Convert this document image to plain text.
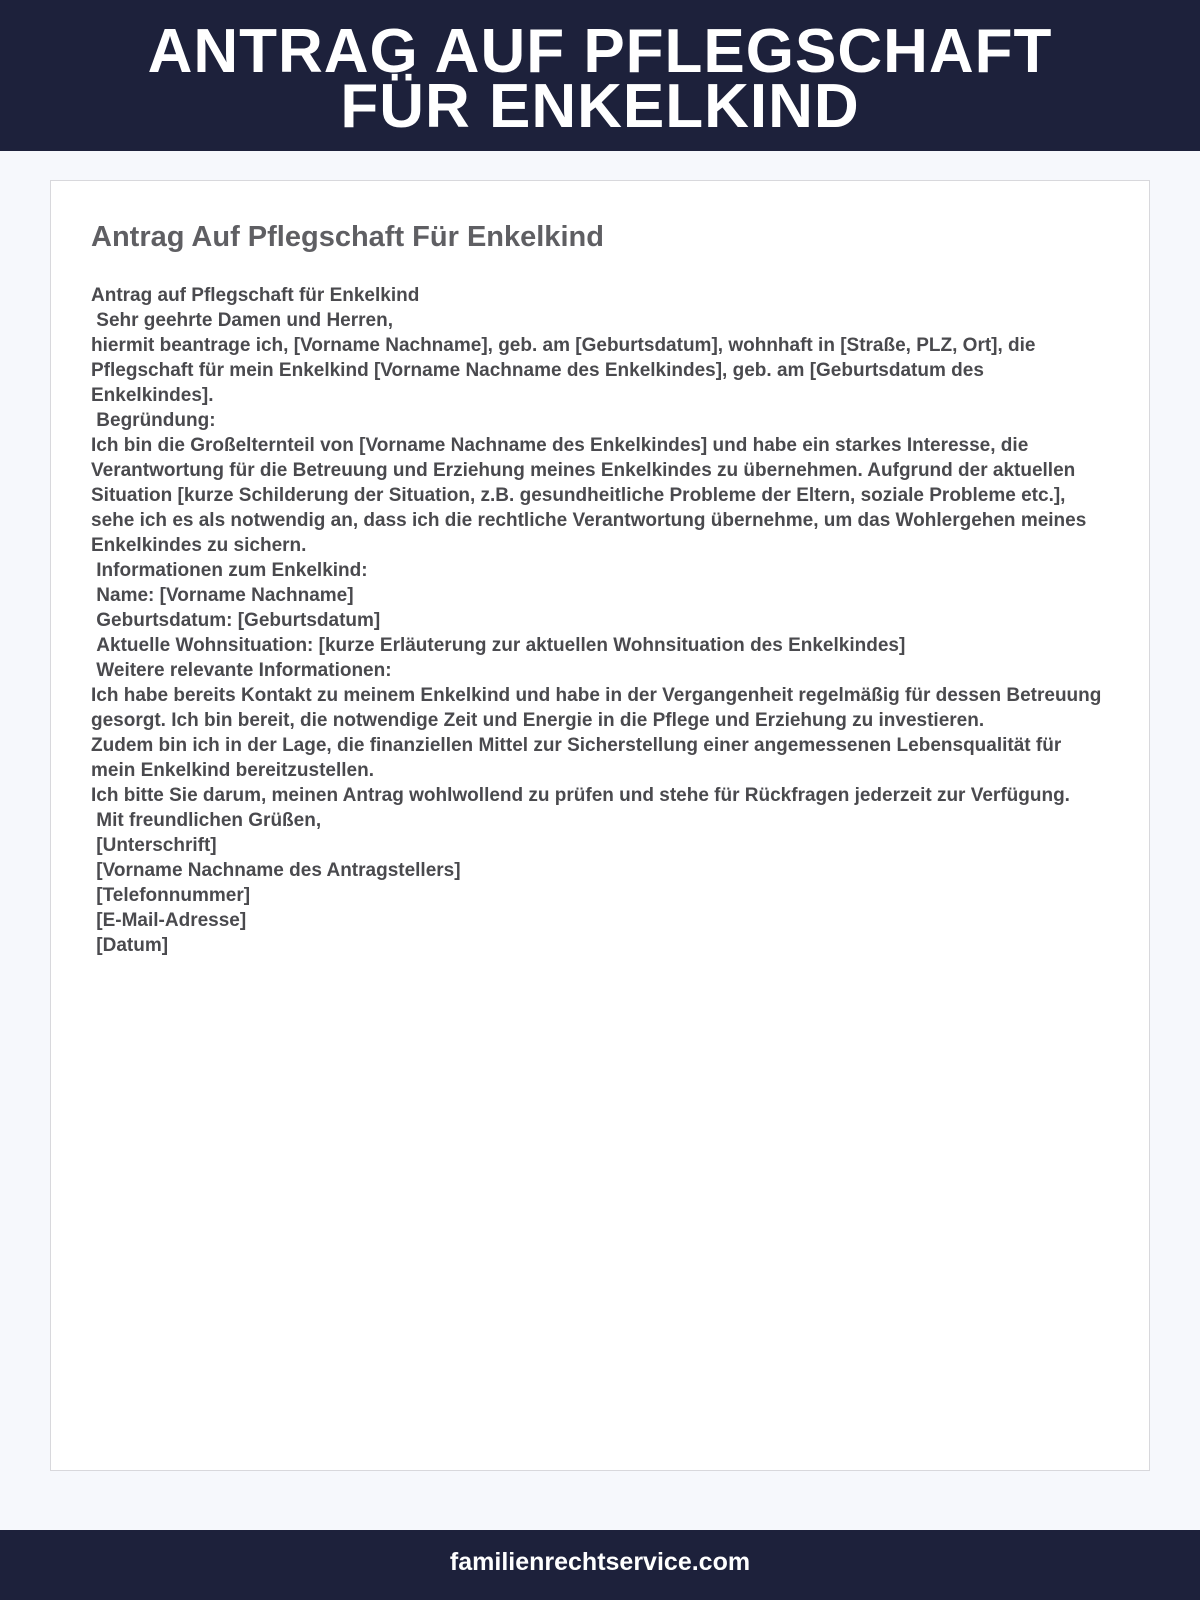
ANTRAG AUF PFLEGSCHAFT
FÜR ENKELKIND
Antrag Auf Pflegschaft Für Enkelkind

Antrag auf Pflegschaft für Enkelkind

Sehr geehrte Damen und Herren,

hiermit beantrage ich, [Vorname Nachname], geb. am [Geburtsdatum], wohnhaft in [Straße, PLZ, Ort], die Pflegschaft für mein Enkelkind [Vorname Nachname des Enkelkindes], geb. am [Geburtsdatum des Enkelkindes].

Begründung:

Ich bin die Großelternteil von [Vorname Nachname des Enkelkindes] und habe ein starkes Interesse, die Verantwortung für die Betreuung und Erziehung meines Enkelkindes zu übernehmen. Aufgrund der aktuellen Situation [kurze Schilderung der Situation, z.B. gesundheitliche Probleme der Eltern, soziale Probleme etc.], sehe ich es als notwendig an, dass ich die rechtliche Verantwortung übernehme, um das Wohlergehen meines Enkelkindes zu sichern.

Informationen zum Enkelkind:

Name: [Vorname Nachname]

Geburtsdatum: [Geburtsdatum]

Aktuelle Wohnsituation: [kurze Erläuterung zur aktuellen Wohnsituation des Enkelkindes]

Weitere relevante Informationen:

Ich habe bereits Kontakt zu meinem Enkelkind und habe in der Vergangenheit regelmäßig für dessen Betreuung gesorgt. Ich bin bereit, die notwendige Zeit und Energie in die Pflege und Erziehung zu investieren.

Zudem bin ich in der Lage, die finanziellen Mittel zur Sicherstellung einer angemessenen Lebensqualität für mein Enkelkind bereitzustellen.

Ich bitte Sie darum, meinen Antrag wohlwollend zu prüfen und stehe für Rückfragen jederzeit zur Verfügung.

Mit freundlichen Grüßen,

[Unterschrift]

[Vorname Nachname des Antragstellers]

[Telefonnummer]

[E-Mail-Adresse]

[Datum]

familienrechtservice.com
